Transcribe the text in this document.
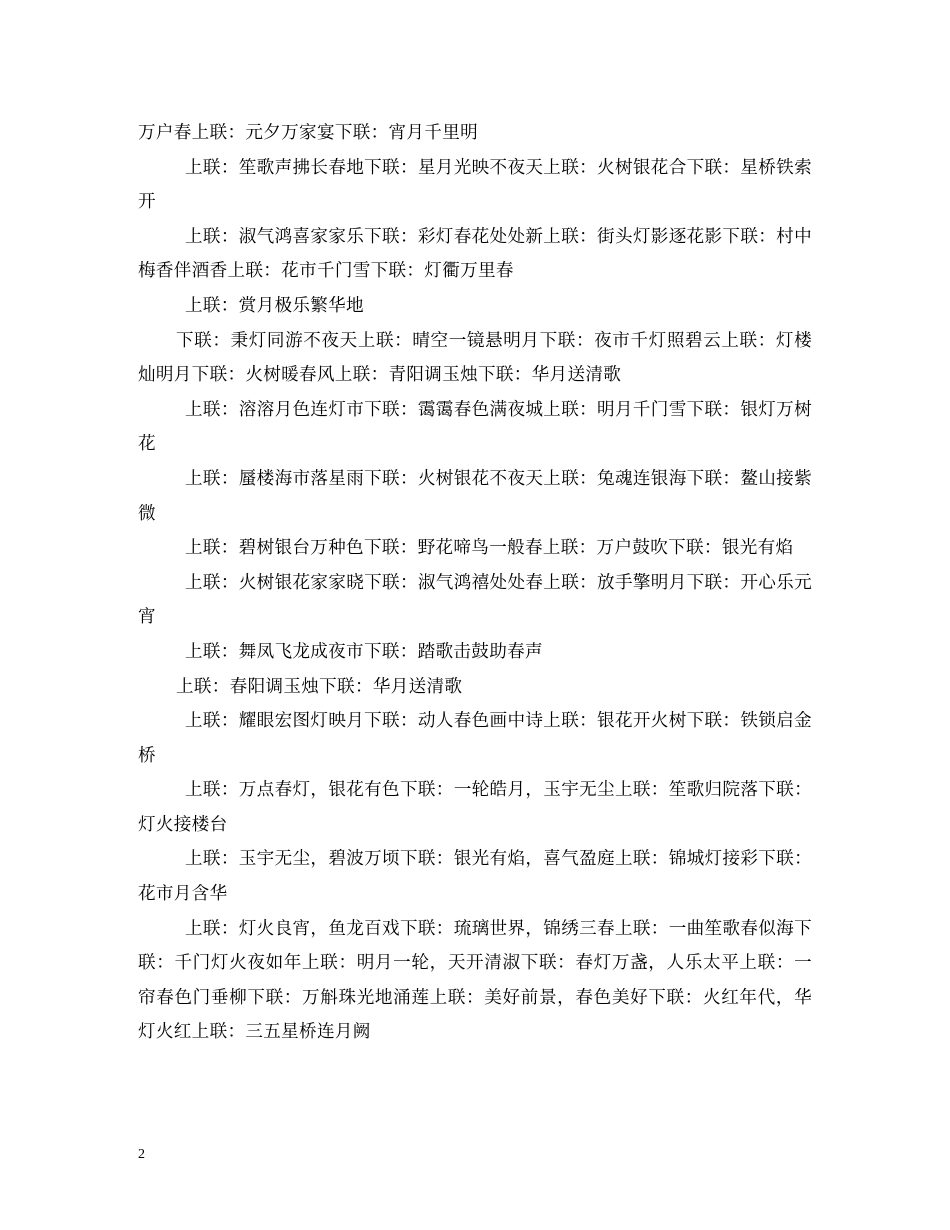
万户春上联：元夕万家宴下联：宵月千里明

上联：笙歌声拂长春地下联：星月光映不夜天上联：火树银花合下联：星桥铁索开

上联：淑气鸿喜家家乐下联：彩灯春花处处新上联：街头灯影逐花影下联：村中梅香伴酒香上联：花市千门雪下联：灯衢万里春

上联：赏月极乐繁华地

下联：秉灯同游不夜天上联：晴空一镜悬明月下联：夜市千灯照碧云上联：灯楼灿明月下联：火树暖春风上联：青阳调玉烛下联：华月送清歌

上联：溶溶月色连灯市下联：霭霭春色满夜城上联：明月千门雪下联：银灯万树花

上联：蜃楼海市落星雨下联：火树银花不夜天上联：兔魂连银海下联：鳌山接紫微

上联：碧树银台万种色下联：野花啼鸟一般春上联：万户鼓吹下联：银光有焰

上联：火树银花家家晓下联：淑气鸿禧处处春上联：放手擎明月下联：开心乐元宵

上联：舞凤飞龙成夜市下联：踏歌击鼓助春声

上联：春阳调玉烛下联：华月送清歌

上联：耀眼宏图灯映月下联：动人春色画中诗上联：银花开火树下联：铁锁启金桥

上联：万点春灯，银花有色下联：一轮皓月，玉宇无尘上联：笙歌归院落下联：灯火接楼台

上联：玉宇无尘，碧波万顷下联：银光有焰，喜气盈庭上联：锦城灯接彩下联：花市月含华

上联：灯火良宵，鱼龙百戏下联：琉璃世界，锦绣三春上联：一曲笙歌春似海下联：千门灯火夜如年上联：明月一轮，天开清淑下联：春灯万盏，人乐太平上联：一帘春色门垂柳下联：万斛珠光地涌莲上联：美好前景，春色美好下联：火红年代，华灯火红上联：三五星桥连月阙

2
